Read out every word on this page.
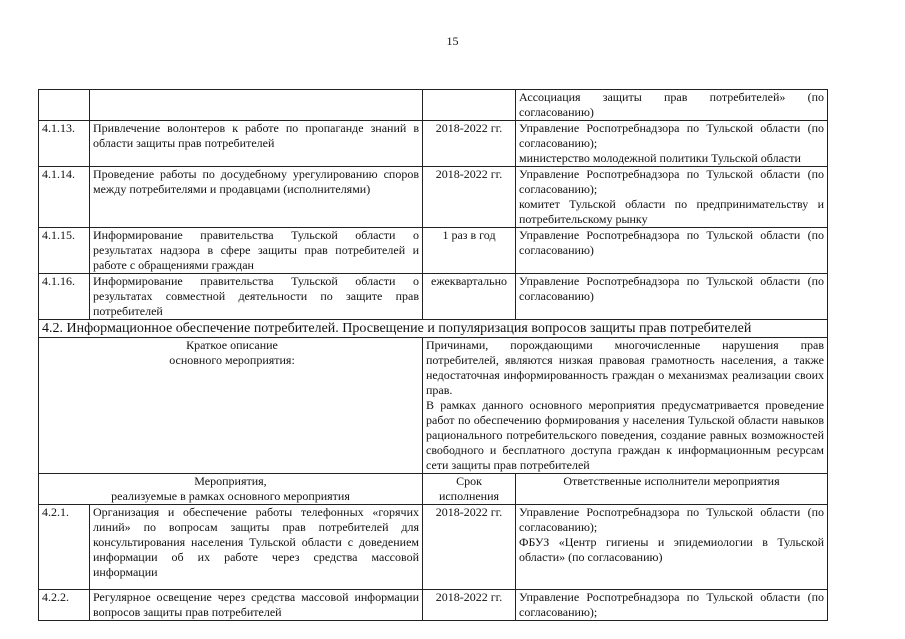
15

			Ассоциация защиты прав потребителей» (по согласованию)

4.1.13.	Привлечение волонтеров к работе по пропаганде знаний в области защиты прав потребителей	2018-2022 гг.	Управление Роспотребнадзора по Тульской области (по согласованию);
министерство молодежной политики Тульской области

4.1.14.	Проведение работы по досудебному урегулированию споров между потребителями и продавцами (исполнителями)	2018-2022 гг.	Управление Роспотребнадзора по Тульской области (по согласованию);
комитет Тульской области по предпринимательству и потребительскому рынку

4.1.15.	Информирование правительства Тульской области о результатах надзора в сфере защиты прав потребителей и работе с обращениями граждан	1 раз в год	Управление Роспотребнадзора по Тульской области (по согласованию)

4.1.16.	Информирование правительства Тульской области о результатах совместной деятельности по защите прав потребителей	ежеквартально	Управление Роспотребнадзора по Тульской области (по согласованию)

4.2. Информационное обеспечение потребителей. Просвещение и популяризация вопросов защиты прав потребителей			

Краткое описание
основного мероприятия:		Причинами, порождающими многочисленные нарушения прав потребителей, являются низкая правовая грамотность населения, а также недостаточная информированность граждан о механизмах реализации своих прав.
В рамках данного основного мероприятия предусматривается проведение работ по обеспечению формирования у населения Тульской области навыков рационального потребительского поведения, создание равных возможностей свободного и бесплатного доступа граждан к информационным ресурсам сети защиты прав потребителей	

Мероприятия,
реализуемые в рамках основного мероприятия		Срок
исполнения	Ответственные исполнители мероприятия
4.2.1.	Организация и обеспечение работы телефонных «горячих линий» по вопросам защиты прав потребителей для консультирования населения Тульской области с доведением информации об их работе через средства массовой информации	2018-2022 гг.	Управление Роспотребнадзора по Тульской области (по согласованию);
ФБУЗ «Центр гигиены и эпидемиологии в Тульской области» (по согласованию)

4.2.2.	Регулярное освещение через средства массовой информации вопросов защиты прав потребителей	2018-2022 гг.	Управление Роспотребнадзора по Тульской области (по согласованию);
